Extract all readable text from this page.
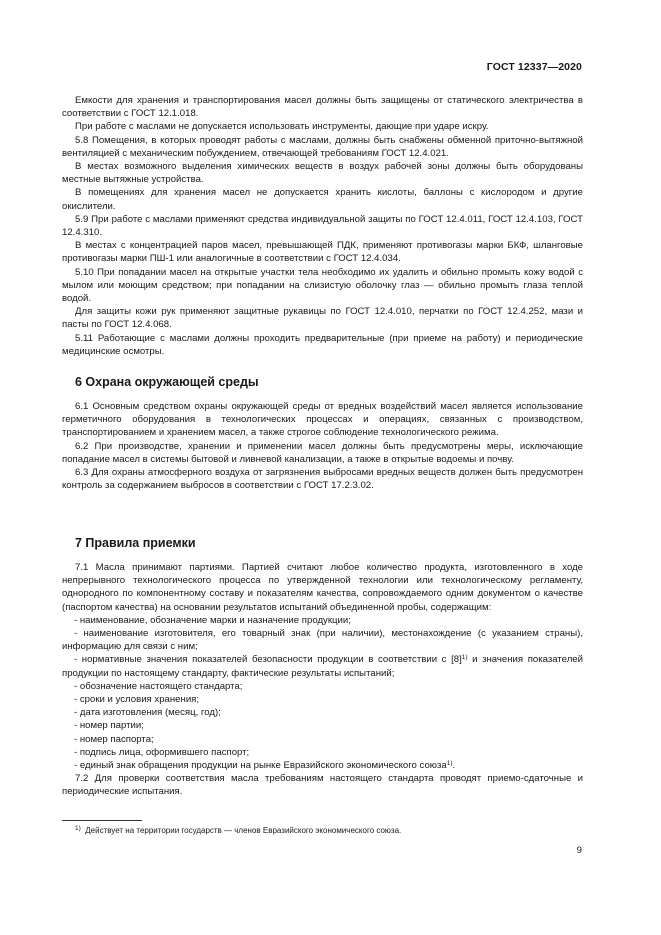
ГОСТ 12337—2020

Емкости для хранения и транспортирования масел должны быть защищены от статического электричества в соответствии с ГОСТ 12.1.018.

При работе с маслами не допускается использовать инструменты, дающие при ударе искру.

5.8 Помещения, в которых проводят работы с маслами, должны быть снабжены обменной приточно-вытяжной вентиляцией с механическим побуждением, отвечающей требованиям ГОСТ 12.4.021.

В местах возможного выделения химических веществ в воздух рабочей зоны должны быть оборудованы местные вытяжные устройства.

В помещениях для хранения масел не допускается хранить кислоты, баллоны с кислородом и другие окислители.

5.9 При работе с маслами применяют средства индивидуальной защиты по ГОСТ 12.4.011, ГОСТ 12.4.103, ГОСТ 12.4.310.

В местах с концентрацией паров масел, превышающей ПДК, применяют противогазы марки БКФ, шланговые противогазы марки ПШ-1 или аналогичные в соответствии с ГОСТ 12.4.034.

5.10 При попадании масел на открытые участки тела необходимо их удалить и обильно промыть кожу водой с мылом или моющим средством; при попадании на слизистую оболочку глаз — обильно промыть глаза теплой водой.

Для защиты кожи рук применяют защитные рукавицы по ГОСТ 12.4.010, перчатки по ГОСТ 12.4.252, мази и пасты по ГОСТ 12.4.068.

5.11 Работающие с маслами должны проходить предварительные (при приеме на работу) и периодические медицинские осмотры.

6 Охрана окружающей среды

6.1 Основным средством охраны окружающей среды от вредных воздействий масел является использование герметичного оборудования в технологических процессах и операциях, связанных с производством, транспортированием и хранением масел, а также строгое соблюдение технологического режима.

6.2 При производстве, хранении и применении масел должны быть предусмотрены меры, исключающие попадание масел в системы бытовой и ливневой канализации, а также в открытые водоемы и почву.

6.3 Для охраны атмосферного воздуха от загрязнения выбросами вредных веществ должен быть предусмотрен контроль за содержанием выбросов в соответствии с ГОСТ 17.2.3.02.

7 Правила приемки

7.1 Масла принимают партиями. Партией считают любое количество продукта, изготовленного в ходе непрерывного технологического процесса по утвержденной технологии или технологическому регламенту, однородного по компонентному составу и показателям качества, сопровождаемого одним документом о качестве (паспортом качества) на основании результатов испытаний объединенной пробы, содержащим:

- наименование, обозначение марки и назначение продукции;

- наименование изготовителя, его товарный знак (при наличии), местонахождение (с указанием страны), информацию для связи с ним;

- нормативные значения показателей безопасности продукции в соответствии с $[8]^{1)}$ и значения показателей продукции по настоящему стандарту, фактические результаты испытаний;

- обозначение настоящего стандарта;

- сроки и условия хранения;

- дата изготовления (месяц, год);

- номер партии;

- номер паспорта;

- подпись лица, оформившего паспорт;

- единый знак обращения продукции на рынке Евразийского экономического союза$^{1)}$.

7.2 Для проверки соответствия масла требованиям настоящего стандарта проводят приемо-сдаточные и периодические испытания.

$^{1)}$ Действует на территории государств — членов Евразийского экономического союза.
9
